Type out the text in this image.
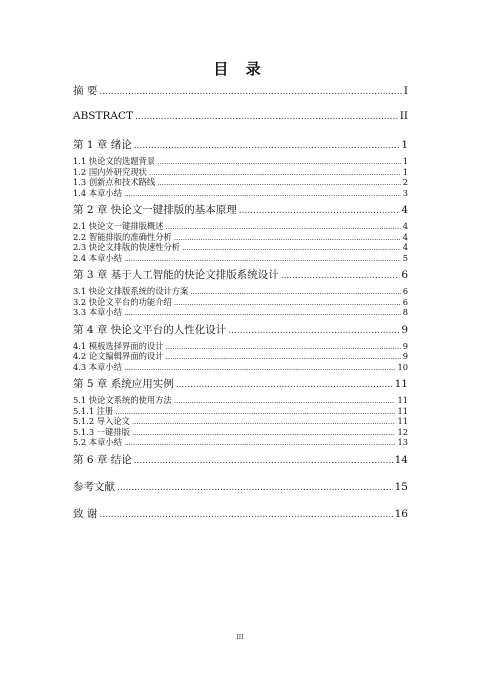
目 录
摘 要 .....	I
ABSTRACT .....	II
第 1 章 绪论 .....	1
1.1 快论文的选题背景 .....	1
1.2 国内外研究现状 .....	1
1.3 创新点和技术路线 .....	2
1.4 本章小结 .....	3
第 2 章 快论文一键排版的基本原理 .....	4
2.1 快论文一键排版概述 .....	4
2.2 智能排版的准确性分析 .....	4
2.3 快论文排版的快速性分析 .....	4
2.4 本章小结 .....	5
第 3 章 基于人工智能的快论文排版系统设计 .....	6
3.1 快论文排版系统的设计方案 .....	6
3.2 快论文平台的功能介绍 .....	6
3.3 本章小结 .....	8
第 4 章 快论文平台的人性化设计 .....	9
4.1 模板选择界面的设计 .....	9
4.2 论文编辑界面的设计 .....	9
4.3 本章小结 .....	10
第 5 章 系统应用实例 .....	11
5.1 快论文系统的使用方法 .....	11
5.1.1 注册 .....	11
5.1.2 导入论文 .....	11
5.1.3 一键排版 .....	12
5.2 本章小结 .....	13
第 6 章 结论 .....	14
参考文献 .....	15
致 谢 .....	16
III
